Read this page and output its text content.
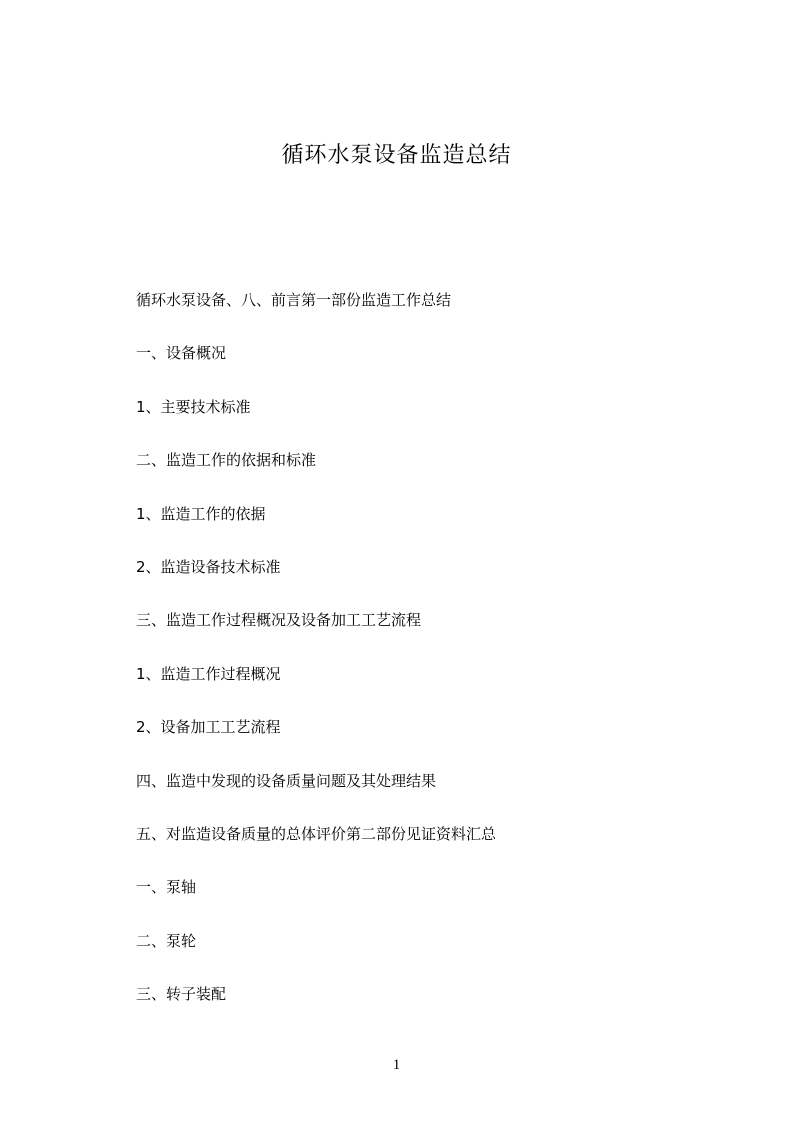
循环水泵设备监造总结
循环水泵设备、八、前言第一部份监造工作总结
一、设备概况
1、主要技术标准
二、监造工作的依据和标准
1、监造工作的依据
2、监造设备技术标准
三、监造工作过程概况及设备加工工艺流程
1、监造工作过程概况
2、设备加工工艺流程
四、监造中发现的设备质量问题及其处理结果
五、对监造设备质量的总体评价第二部份见证资料汇总
一、泵轴
二、泵轮
三、转子装配
1
